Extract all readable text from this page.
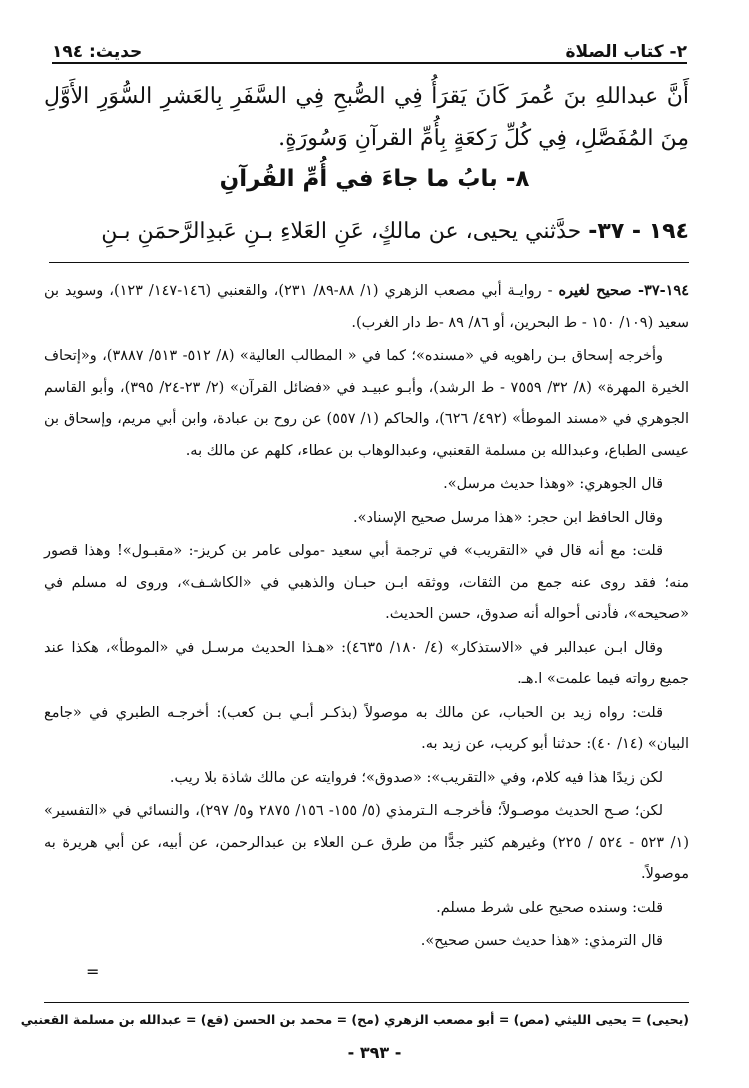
٢- كتاب الصلاة
حديث: ١٩٤
أَنَّ عبداللهِ بنَ عُمرَ كَانَ يَقرَأُ فِي الصُّبحِ فِي السَّفَرِ بِالعَشرِ السُّوَرِ الأَوَّلِ مِنَ المُفَصَّلِ، فِي كُلِّ رَكعَةٍ بِأُمِّ القرآنِ وَسُورَةٍ.
٨- بابُ ما جاءَ في أُمِّ القُرآنِ
١٩٤ - ٣٧- حدَّثني يحيى، عن مالكٍ، عَنِ العَلاءِ بـنِ عَبدِالرَّحمَنِ بـنِ

١٩٤-٣٧- صحيح لغيره - روايـة أبي مصعب الزهري (١/ ٨٨-٨٩/ ٢٣١)، والقعنبي (١٤٦-١٤٧/ ١٢٣)، وسويد بن سعيد (١٠٩/ ١٥٠ - ط البحرين، أو ٨٦/ ٨٩ -ط دار الغرب).

وأخرجه إسحاق بـن راهويه في «مسنده»؛ كما في « المطالب العالية» (٨/ ٥١٢- ٥١٣/ ٣٨٨٧)، و«إتحاف الخيرة المهرة» (٨/ ٣٢/ ٧٥٥٩ - ط الرشد)، وأبـو عبيـد في «فضائل القرآن» (٢/ ٢٣-٢٤/ ٣٩٥)، وأبو القاسم الجوهري في «مسند الموطأ» (٤٩٢/ ٦٢٦)، والحاكم (١/ ٥٥٧) عن روح بن عبادة، وابن أبي مريم، وإسحاق بن عيسى الطباع، وعبدالله بن مسلمة القعنبي، وعبدالوهاب بن عطاء، كلهم عن مالك به.

قال الجوهري: «وهذا حديث مرسل».

وقال الحافظ ابن حجر: «هذا مرسل صحيح الإسناد».

قلت: مع أنه قال في «التقريب» في ترجمة أبي سعيد -مولى عامر بن كريز-: «مقبـول»! وهذا قصور منه؛ فقد روى عنه جمع من الثقات، ووثقه ابـن حبـان والذهبي في «الكاشـف»، وروى له مسلم في «صحيحه»، فأدنى أحواله أنه صدوق، حسن الحديث.

وقال ابـن عبدالبر في «الاستذكار» (٤/ ١٨٠/ ٤٦٣٥): «هـذا الحديث مرسـل في «الموطأ»، هكذا عند جميع رواته فيما علمت» ا.هـ.

قلت: رواه زيد بن الحباب، عن مالك به موصولاً (بذكـر أبـي بـن كعب): أخرجـه الطبري في «جامع البيان» (١٤/ ٤٠): حدثنا أبو كريب، عن زيد به.

لكن زيدًا هذا فيه كلام، وفي «التقريب»: «صدوق»؛ فروايته عن مالك شاذة بلا ريب.

لكن؛ صـح الحديث موصـولاً؛ فأخرجـه الـترمذي (٥/ ١٥٥- ١٥٦/ ٢٨٧٥ و٥/ ٢٩٧)، والنسائي في «التفسير» (١/ ٥٢٣ - ٥٢٤ / ٢٢٥) وغيرهم كثير جدًّا من طرق عـن العلاء بن عبدالرحمن، عن أبيه، عن أبي هريرة به موصولاً.

قلت: وسنده صحيح على شرط مسلم.

قال الترمذي: «هذا حديث حسن صحيح».

=
(يحيى) = يحيى الليثي (مص) = أبو مصعب الزهري (مح) = محمد بن الحسن (قع) = عبدالله بن مسلمة القعنبي
- ٣٩٣ -
